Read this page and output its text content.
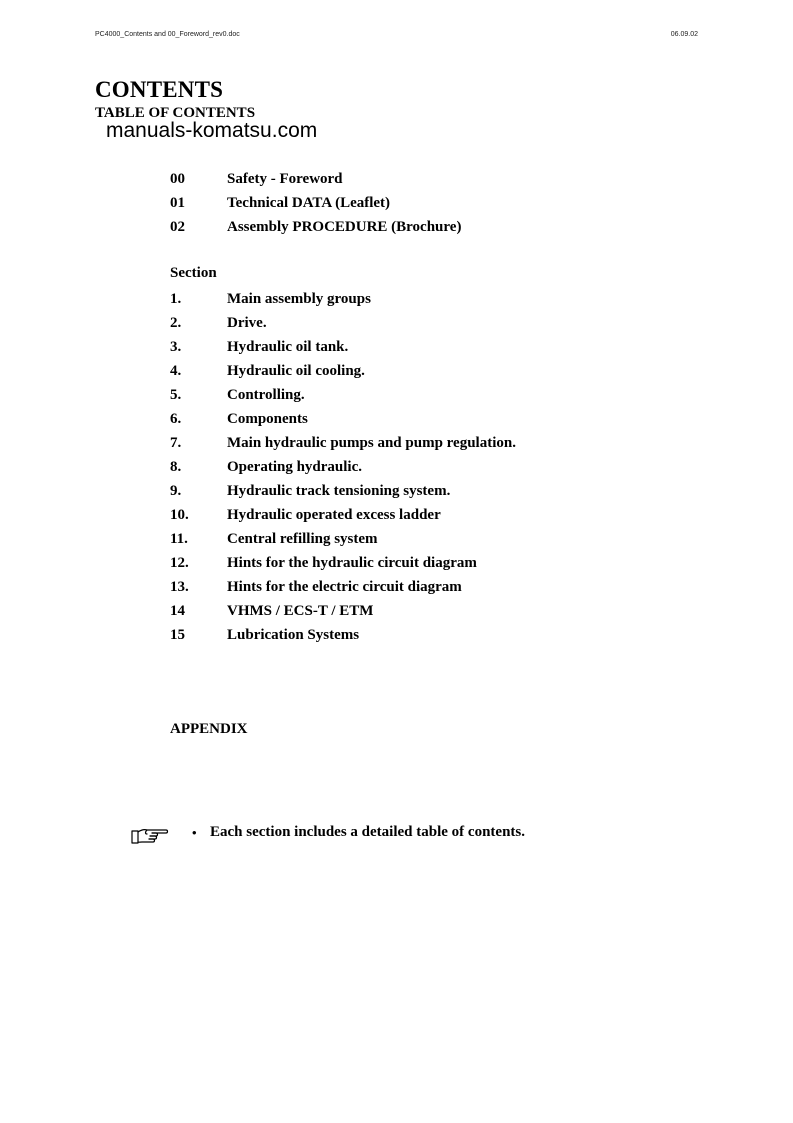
PC4000_Contents and 00_Foreword_rev0.doc	06.09.02
CONTENTS
TABLE OF CONTENTS
manuals-komatsu.com
00	Safety - Foreword
01	Technical DATA (Leaflet)
02	Assembly PROCEDURE (Brochure)
Section
1.	Main assembly groups
2.	Drive.
3.	Hydraulic oil tank.
4.	Hydraulic oil cooling.
5.	Controlling.
6.	Components
7.	Main hydraulic pumps and pump regulation.
8.	Operating hydraulic.
9.	Hydraulic track tensioning system.
10.	Hydraulic operated excess ladder
11.	Central refilling system
12.	Hints for the hydraulic circuit diagram
13.	Hints for the electric circuit diagram
14	VHMS / ECS-T / ETM
15	Lubrication Systems
APPENDIX
• Each section includes a detailed table of contents.
